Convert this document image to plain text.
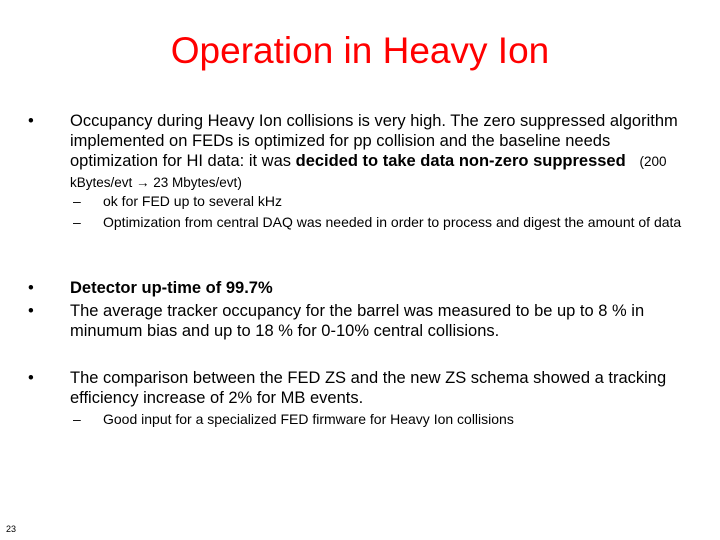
Operation in Heavy Ion
• Occupancy during Heavy Ion collisions is very high. The zero suppressed algorithm implemented on FEDs is optimized for pp collision and the baseline needs optimization for HI data: it was decided to take data non-zero suppressed (200 kBytes/evt → 23 Mbytes/evt)
– ok for FED up to several kHz
– Optimization from central DAQ was needed in order to process and digest the amount of data
• Detector up-time of 99.7%
• The average tracker occupancy for the barrel was measured to be up to 8 % in minumum bias and up to 18 % for 0-10% central collisions.
• The comparison between the FED ZS and the new ZS schema showed a tracking efficiency increase of 2% for MB events.
– Good input for a specialized FED firmware for Heavy Ion collisions
23
